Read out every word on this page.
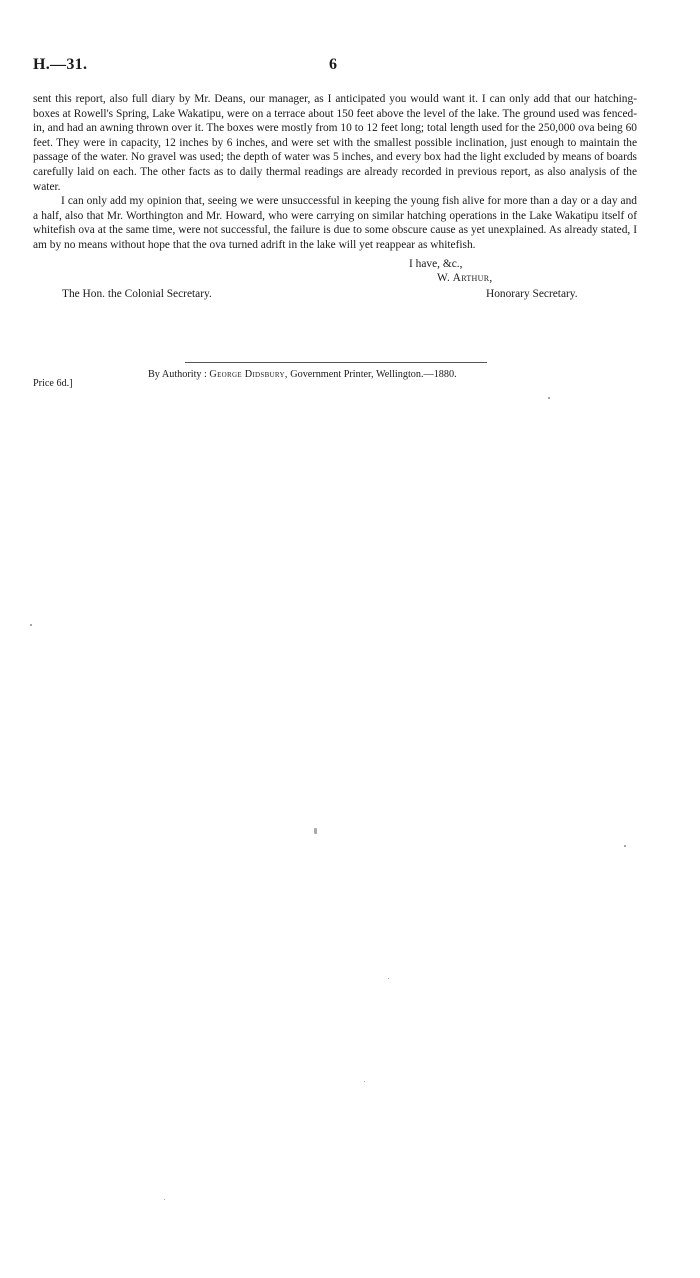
H.—31.	6

sent this report, also full diary by Mr. Deans, our manager, as I anticipated you would want it. I can only add that our hatching-boxes at Rowell's Spring, Lake Wakatipu, were on a terrace about 150 feet above the level of the lake. The ground used was fenced-in, and had an awning thrown over it. The boxes were mostly from 10 to 12 feet long; total length used for the 250,000 ova being 60 feet. They were in capacity, 12 inches by 6 inches, and were set with the smallest possible inclination, just enough to maintain the passage of the water. No gravel was used; the depth of water was 5 inches, and every box had the light excluded by means of boards carefully laid on each. The other facts as to daily thermal readings are already recorded in previous report, as also analysis of the water.

I can only add my opinion that, seeing we were unsuccessful in keeping the young fish alive for more than a day or a day and a half, also that Mr. Worthington and Mr. Howard, who were carrying on similar hatching operations in the Lake Wakatipu itself of whitefish ova at the same time, were not successful, the failure is due to some obscure cause as yet unexplained. As already stated, I am by no means without hope that the ova turned adrift in the lake will yet reappear as whitefish.

I have, &c.,
W. Arthur,
The Hon. the Colonial Secretary.	Honorary Secretary.
By Authority : George Didsbury, Government Printer, Wellington.—1880.
Price 6d.]
